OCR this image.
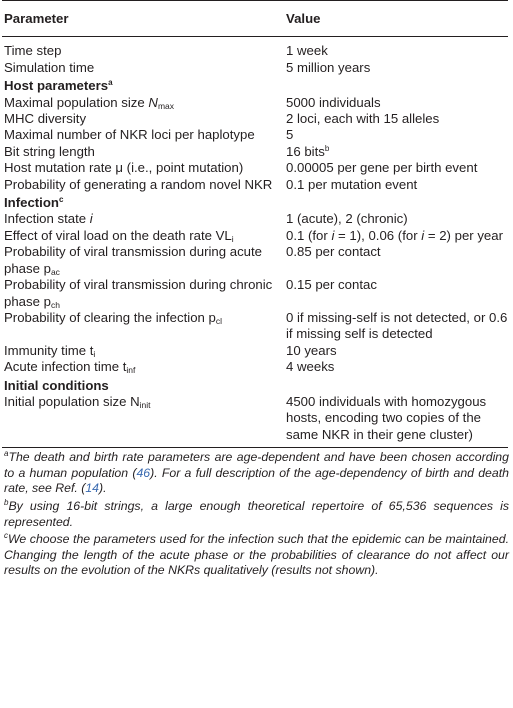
Parameter	Value
Time step	1 week
Simulation time	5 million years
Host parameters$^a$
Maximal population size $N_{max}$	5000 individuals
MHC diversity	2 loci, each with 15 alleles
Maximal number of NKR loci per haplotype	5
Bit string length	16 bits$^b$
Host mutation rate μ (i.e., point mutation)	0.00005 per gene per birth event
Probability of generating a random novel NKR	0.1 per mutation event
Infection$^c$
Infection state i	1 (acute), 2 (chronic)
Effect of viral load on the death rate $VL_i$	0.1 (for i = 1), 0.06 (for i = 2) per year
Probability of viral transmission during acute phase $p_{ac}$	0.85 per contact
Probability of viral transmission during chronic phase $p_{ch}$	0.15 per contac
Probability of clearing the infection $p_{cl}$	0 if missing-self is not detected, or 0.6 if missing self is detected
Immunity time $t_i$	10 years
Acute infection time $t_{inf}$	4 weeks
Initial conditions	
Initial population size $N_{init}$	4500 individuals with homozygous hosts, encoding two copies of the same NKR in their gene cluster)

$^a$The death and birth rate parameters are age-dependent and have been chosen according to a human population (46). For a full description of the age-dependency of birth and death rate, see Ref. (14).

$^b$By using 16-bit strings, a large enough theoretical repertoire of 65,536 sequences is represented.

$^c$We choose the parameters used for the infection such that the epidemic can be maintained. Changing the length of the acute phase or the probabilities of clearance do not affect our results on the evolution of the NKRs qualitatively (results not shown).
